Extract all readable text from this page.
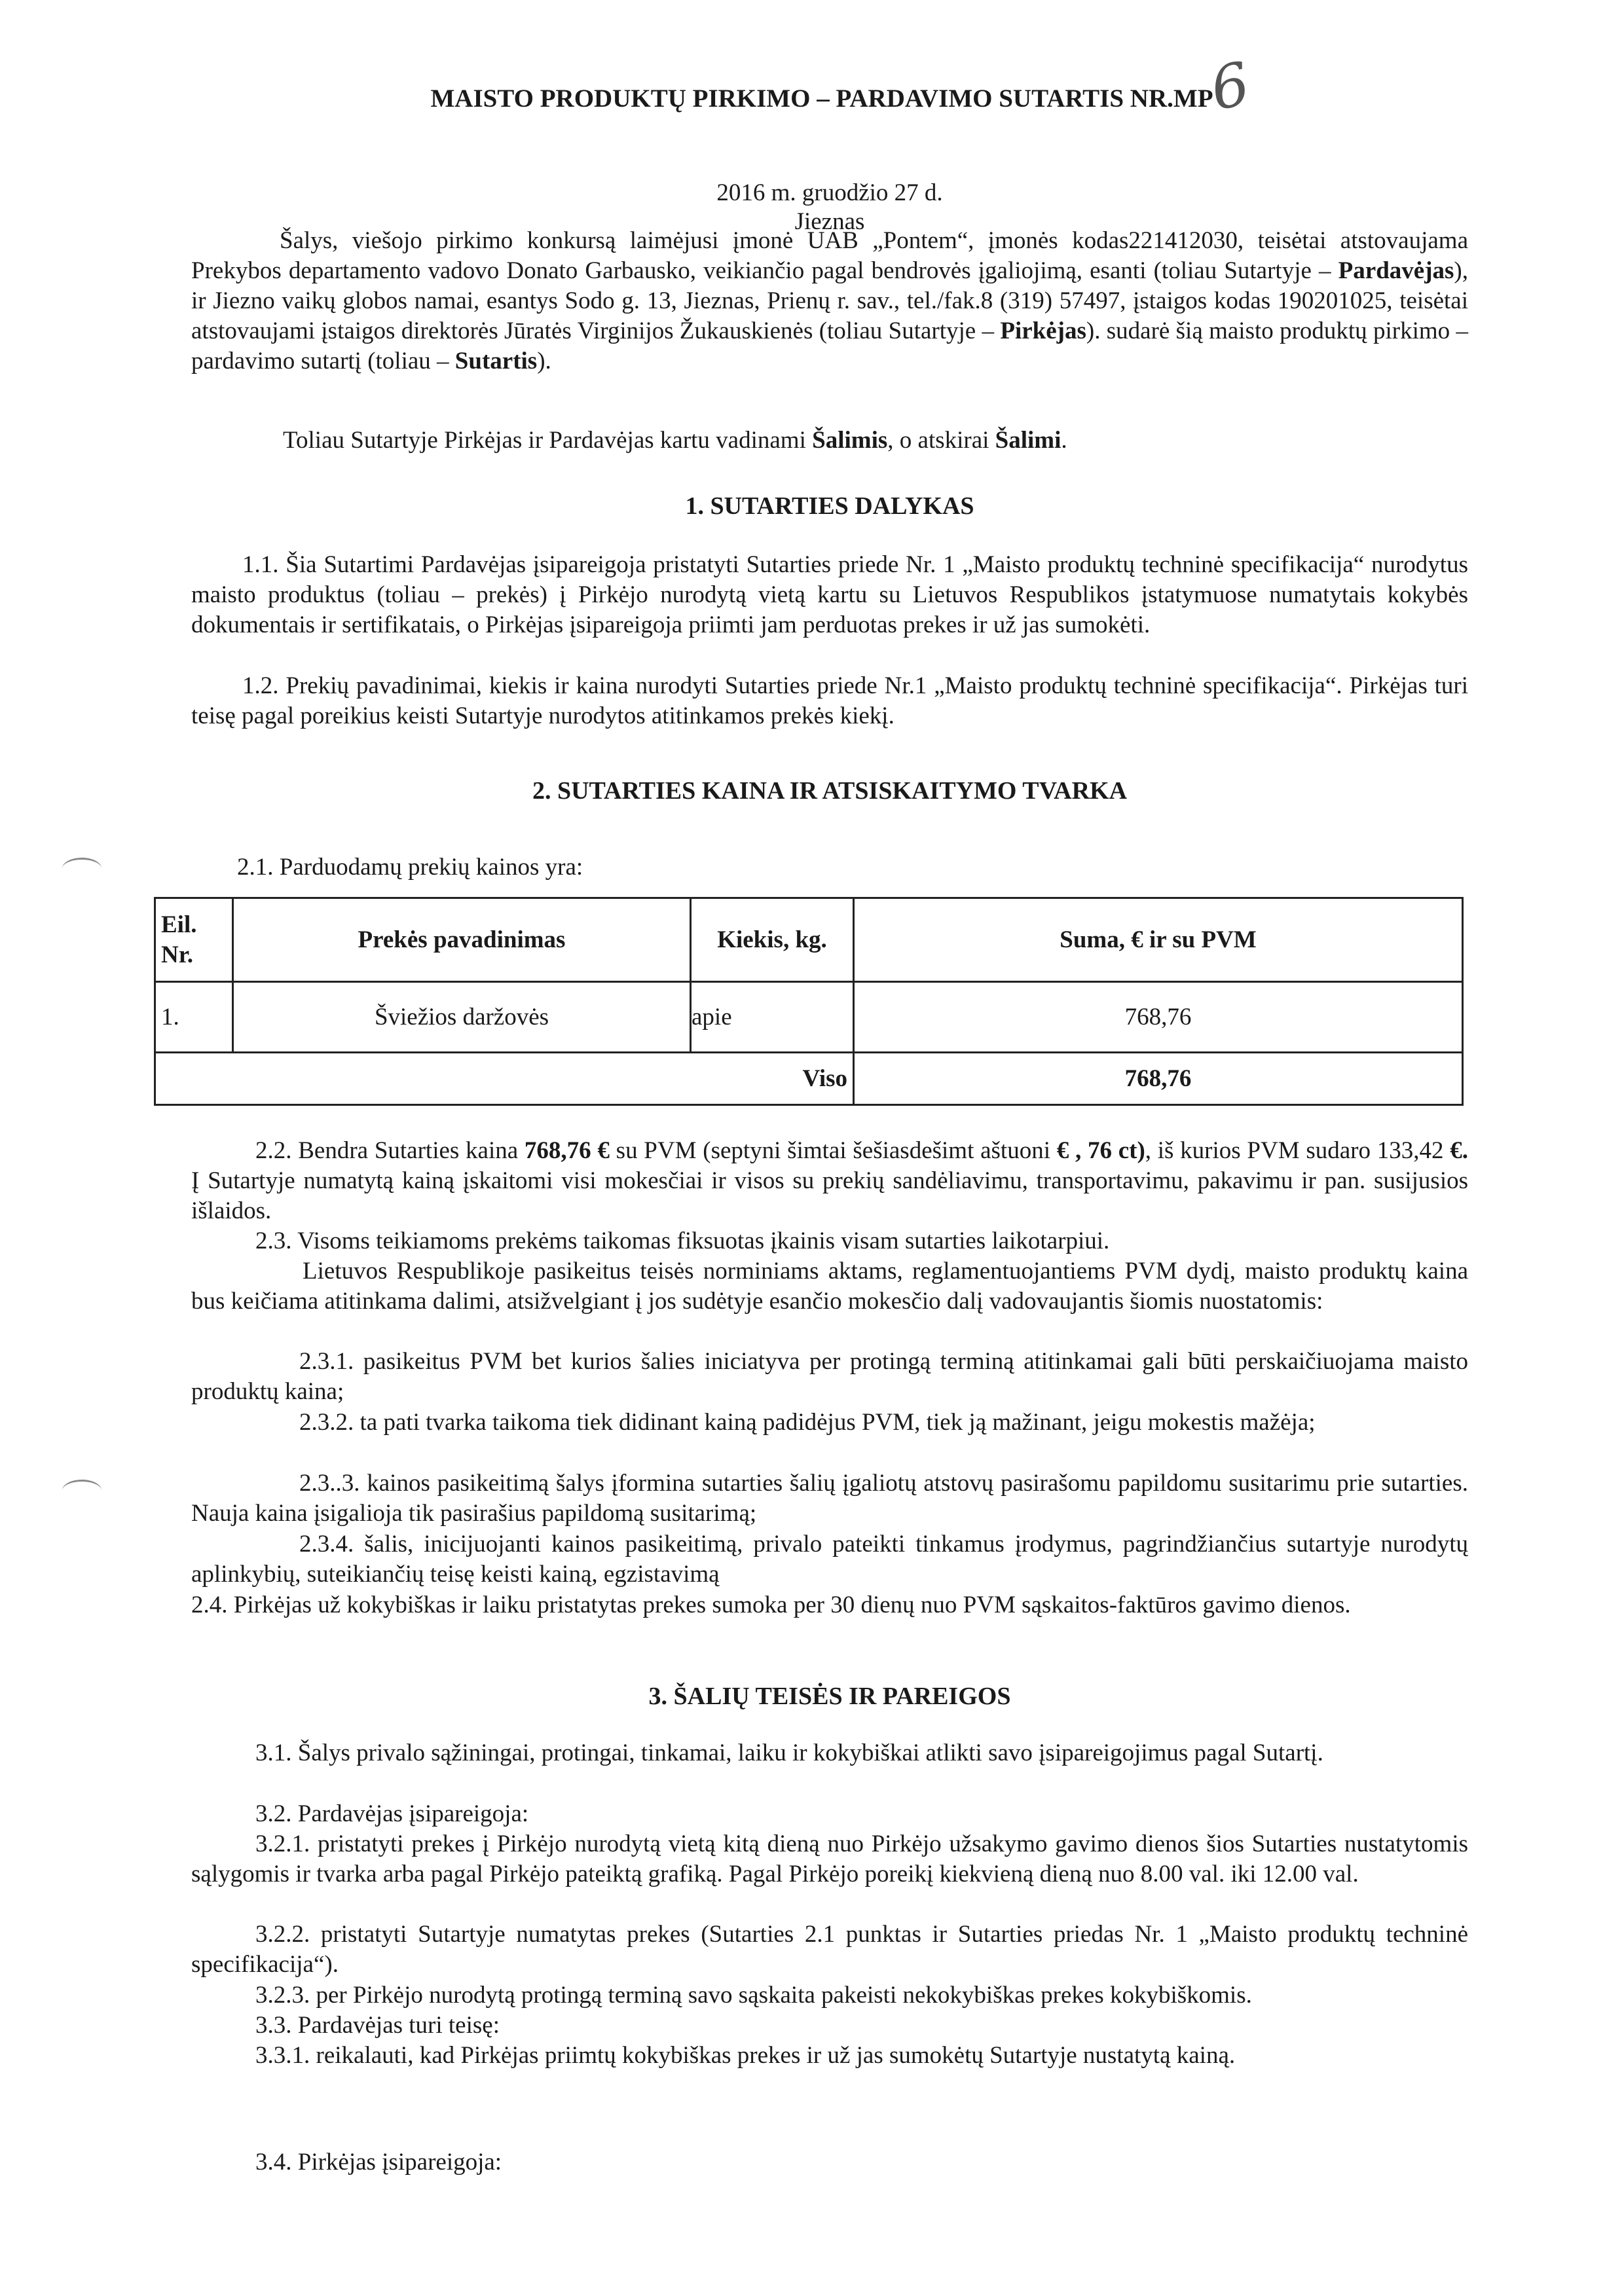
MAISTO PRODUKTŲ PIRKIMO – PARDAVIMO SUTARTIS NR.MP
6
2016 m. gruodžio 27 d.
Jieznas
Šalys, viešojo pirkimo konkursą laimėjusi įmonė UAB „Pontem“, įmonės kodas221412030, teisėtai atstovaujama Prekybos departamento vadovo Donato Garbausko, veikiančio pagal bendrovės įgaliojimą, esanti (toliau Sutartyje – Pardavėjas), ir Jiezno vaikų globos namai, esantys Sodo g. 13, Jieznas, Prienų r. sav., tel./fak.8 (319) 57497, įstaigos kodas 190201025, teisėtai atstovaujami įstaigos direktorės Jūratės Virginijos Žukauskienės (toliau Sutartyje – Pirkėjas). sudarė šią maisto produktų pirkimo – pardavimo sutartį (toliau – Sutartis).
Toliau Sutartyje Pirkėjas ir Pardavėjas kartu vadinami Šalimis, o atskirai Šalimi.
1. SUTARTIES DALYKAS
1.1. Šia Sutartimi Pardavėjas įsipareigoja pristatyti Sutarties priede Nr. 1 „Maisto produktų techninė specifikacija“ nurodytus maisto produktus (toliau – prekės) į Pirkėjo nurodytą vietą kartu su Lietuvos Respublikos įstatymuose numatytais kokybės dokumentais ir sertifikatais, o Pirkėjas įsipareigoja priimti jam perduotas prekes ir už jas sumokėti.
1.2. Prekių pavadinimai, kiekis ir kaina nurodyti Sutarties priede Nr.1 „Maisto produktų techninė specifikacija“. Pirkėjas turi teisę pagal poreikius keisti Sutartyje nurodytos atitinkamos prekės kiekį.
2. SUTARTIES KAINA IR ATSISKAITYMO TVARKA
2.1. Parduodamų prekių kainos yra:
Eil. Nr.	Prekės pavadinimas	Kiekis, kg.	Suma, € ir su PVM
1.	Šviežios daržovės	apie	768,76
Viso			768,76
2.2. Bendra Sutarties kaina 768,76 € su PVM (septyni šimtai šešiasdešimt aštuoni € , 76 ct), iš kurios PVM sudaro 133,42 €. Į Sutartyje numatytą kainą įskaitomi visi mokesčiai ir visos su prekių sandėliavimu, transportavimu, pakavimu ir pan. susijusios išlaidos.
2.3. Visoms teikiamoms prekėms taikomas fiksuotas įkainis visam sutarties laikotarpiui.
Lietuvos Respublikoje pasikeitus teisės norminiams aktams, reglamentuojantiems PVM dydį, maisto produktų kaina bus keičiama atitinkama dalimi, atsižvelgiant į jos sudėtyje esančio mokesčio dalį vadovaujantis šiomis nuostatomis:
2.3.1. pasikeitus PVM bet kurios šalies iniciatyva per protingą terminą atitinkamai gali būti perskaičiuojama maisto produktų kaina;
2.3.2. ta pati tvarka taikoma tiek didinant kainą padidėjus PVM, tiek ją mažinant, jeigu mokestis mažėja;
2.3..3. kainos pasikeitimą šalys įformina sutarties šalių įgaliotų atstovų pasirašomu papildomu susitarimu prie sutarties. Nauja kaina įsigalioja tik pasirašius papildomą susitarimą;
2.3.4. šalis, inicijuojanti kainos pasikeitimą, privalo pateikti tinkamus įrodymus, pagrindžiančius sutartyje nurodytų aplinkybių, suteikiančių teisę keisti kainą, egzistavimą
2.4. Pirkėjas už kokybiškas ir laiku pristatytas prekes sumoka per 30 dienų nuo PVM sąskaitos-faktūros gavimo dienos.
3. ŠALIŲ TEISĖS IR PAREIGOS
3.1. Šalys privalo sąžiningai, protingai, tinkamai, laiku ir kokybiškai atlikti savo įsipareigojimus pagal Sutartį.
3.2. Pardavėjas įsipareigoja:
3.2.1. pristatyti prekes į Pirkėjo nurodytą vietą kitą dieną nuo Pirkėjo užsakymo gavimo dienos šios Sutarties nustatytomis sąlygomis ir tvarka arba pagal Pirkėjo pateiktą grafiką. Pagal Pirkėjo poreikį kiekvieną dieną nuo 8.00 val. iki 12.00 val.
3.2.2. pristatyti Sutartyje numatytas prekes (Sutarties 2.1 punktas ir Sutarties priedas Nr. 1 „Maisto produktų techninė specifikacija“).
3.2.3. per Pirkėjo nurodytą protingą terminą savo sąskaita pakeisti nekokybiškas prekes kokybiškomis.
3.3. Pardavėjas turi teisę:
3.3.1. reikalauti, kad Pirkėjas priimtų kokybiškas prekes ir už jas sumokėtų Sutartyje nustatytą kainą.
3.4. Pirkėjas įsipareigoja:
